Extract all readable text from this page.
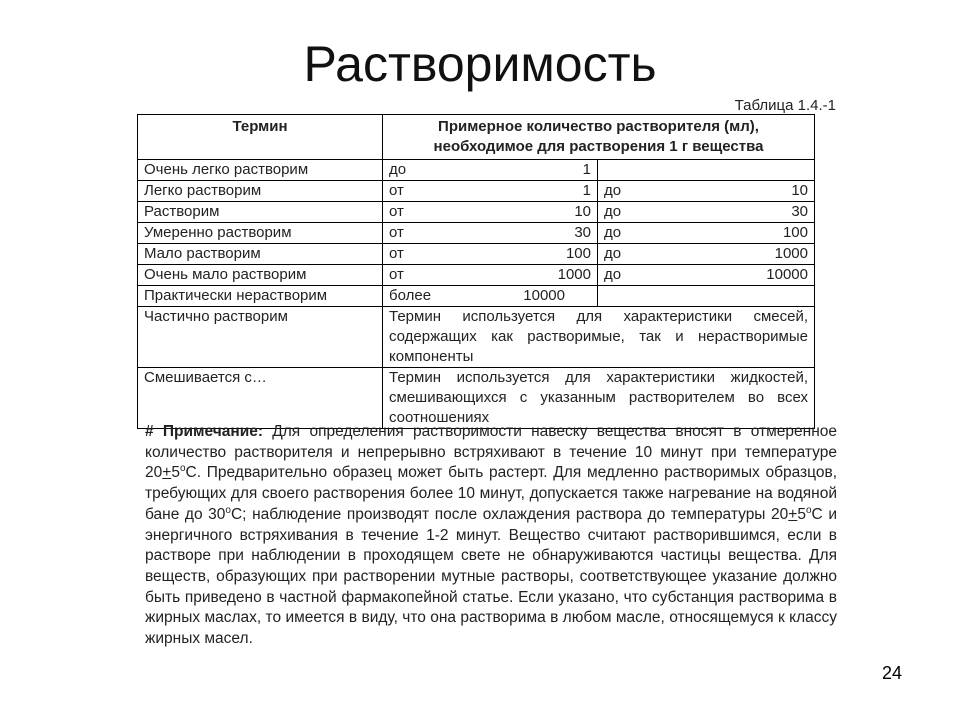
Растворимость
Таблица 1.4.-1
Термин	Примерное количество растворителя (мл),
необходимое для растворения 1 г вещества	
Очень легко растворим	до 1	

Легко растворим	от 1	до 10

Растворим	от 10	до 30

Умеренно растворим	от 30	до 100

Мало растворим	от 100	до 1000

Очень мало растворим	от 1000	до 10000

Практически нерастворим	более 10000	

Частично растворим	Термин используется для характеристики смесей, содержащих как растворимые, так и нерастворимые компоненты	
Смешивается с…	Термин используется для характеристики жидкостей, смешивающихся с указанным растворителем во всех соотношениях	
# Примечание: Для определения растворимости навеску вещества вносят в отмеренное количество растворителя и непрерывно встряхивают в течение 10 минут при температуре $20+5^oC$. Предварительно образец может быть растерт. Для медленно растворимых образцов, требующих для своего растворения более 10 минут, допускается также нагревание на водяной бане до 30$^o$C; наблюдение производят после охлаждения раствора до температуры $20+5^oC$ и энергичного встряхивания в течение 1-2 минут. Вещество считают растворившимся, если в растворе при наблюдении в проходящем свете не обнаруживаются частицы вещества. Для веществ, образующих при растворении мутные растворы, соответствующее указание должно быть приведено в частной фармакопейной статье. Если указано, что субстанция растворима в жирных маслах, то имеется в виду, что она растворима в любом масле, относящемуся к классу жирных масел.
24
